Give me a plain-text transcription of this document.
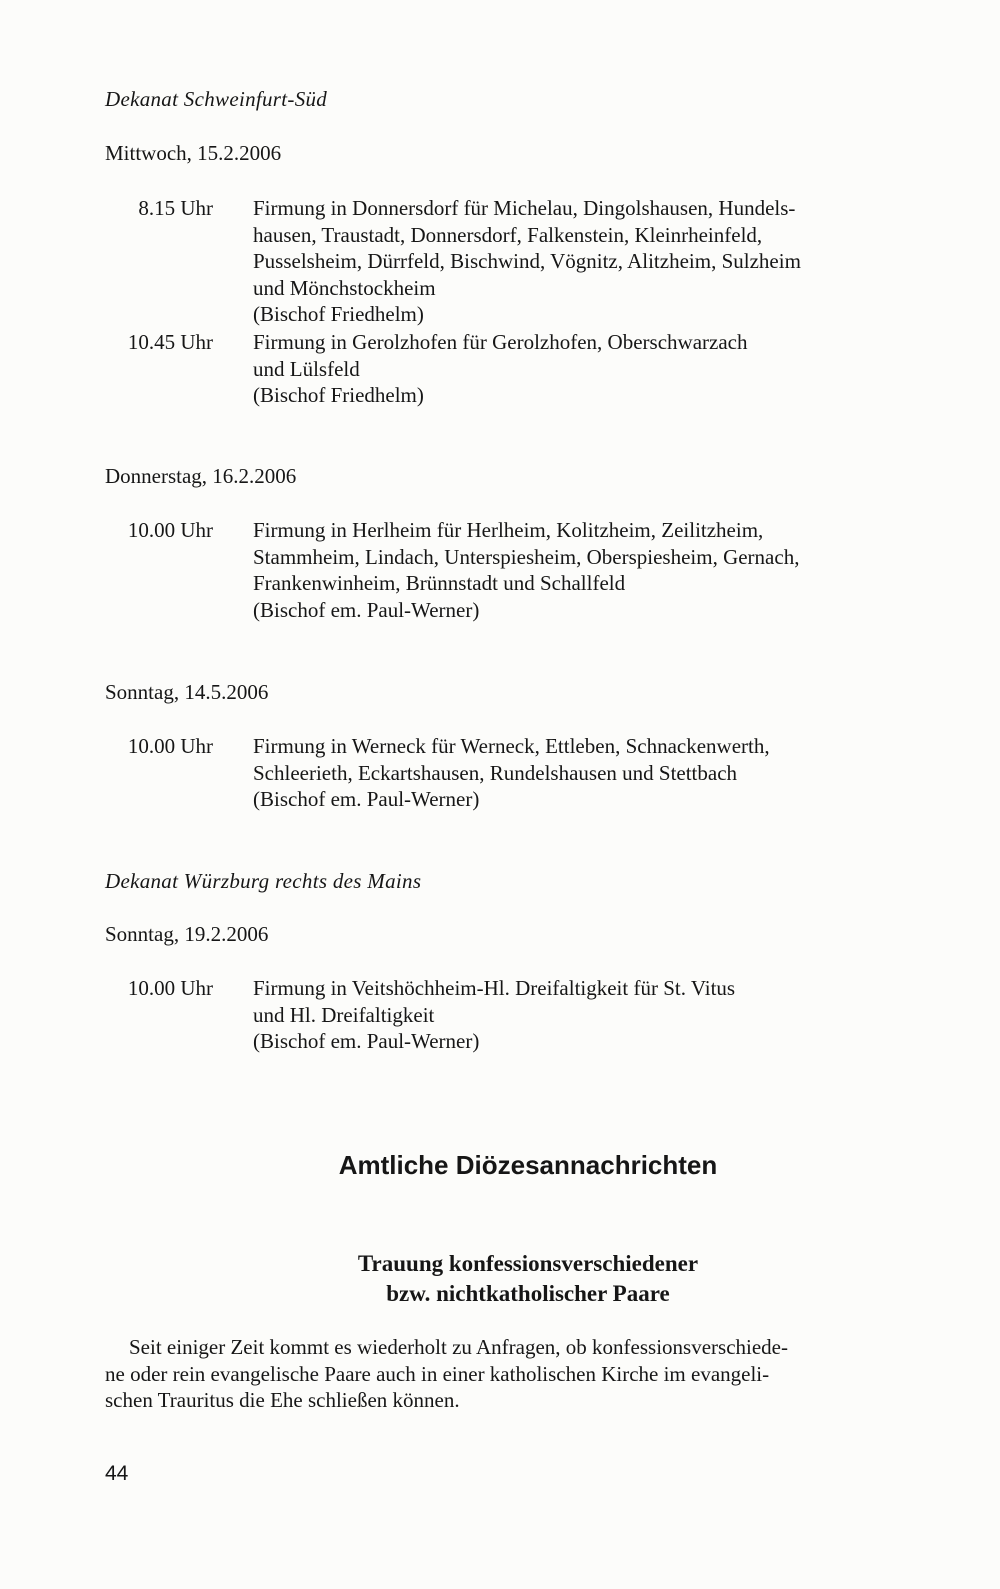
Dekanat Schweinfurt-Süd
Mittwoch, 15.2.2006
8.15 Uhr Firmung in Donnersdorf für Michelau, Dingolshausen, Hundels-
hausen, Traustadt, Donnersdorf, Falkenstein, Kleinrheinfeld,
Pusselsheim, Dürrfeld, Bischwind, Vögnitz, Alitzheim, Sulzheim
und Mönchstockheim
(Bischof Friedhelm)
10.45 Uhr Firmung in Gerolzhofen für Gerolzhofen, Oberschwarzach
und Lülsfeld
(Bischof Friedhelm)
Donnerstag, 16.2.2006
10.00 Uhr Firmung in Herlheim für Herlheim, Kolitzheim, Zeilitzheim,
Stammheim, Lindach, Unterspiesheim, Oberspiesheim, Gernach,
Frankenwinheim, Brünnstadt und Schallfeld
(Bischof em. Paul-Werner)
Sonntag, 14.5.2006
10.00 Uhr Firmung in Werneck für Werneck, Ettleben, Schnackenwerth,
Schleerieth, Eckartshausen, Rundelshausen und Stettbach
(Bischof em. Paul-Werner)
Dekanat Würzburg rechts des Mains
Sonntag, 19.2.2006
10.00 Uhr Firmung in Veitshöchheim-Hl. Dreifaltigkeit für St. Vitus
und Hl. Dreifaltigkeit
(Bischof em. Paul-Werner)
Amtliche Diözesannachrichten
Trauung konfessionsverschiedener
bzw. nichtkatholischer Paare
Seit einiger Zeit kommt es wiederholt zu Anfragen, ob konfessionsverschiede-
ne oder rein evangelische Paare auch in einer katholischen Kirche im evangeli-
schen Trauritus die Ehe schließen können.
44
